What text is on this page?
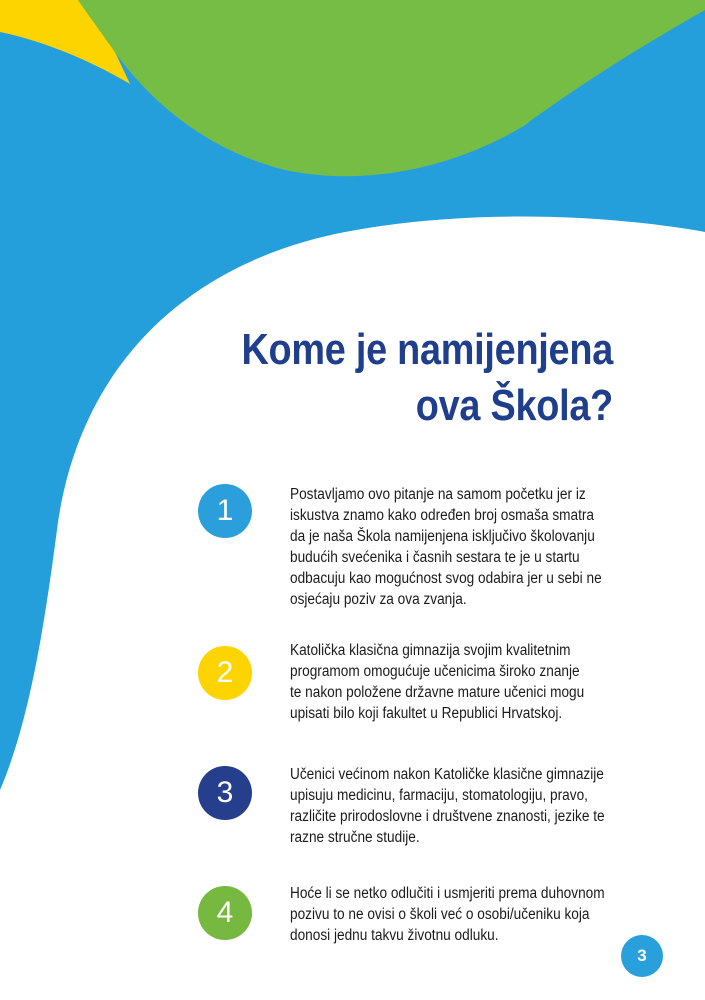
Kome je namijenjena
ova Škola?
1	Postavljamo ovo pitanje na samom početku jer iz
iskustva znamo kako određen broj osmaša smatra
da je naša Škola namijenjena isključivo školovanju
budućih svećenika i časnih sestara te je u startu
odbacuju kao mogućnost svog odabira jer u sebi ne
osjećaju poziv za ova zvanja.
2
Katolička klasična gimnazija svojim kvalitetnim
programom omogućuje učenicima široko znanje
te nakon položene državne mature učenici mogu
upisati bilo koji fakultet u Republici Hrvatskoj.
3
Učenici većinom nakon Katoličke klasične gimnazije
upisuju medicinu, farmaciju, stomatologiju, pravo,
različite prirodoslovne i društvene znanosti, jezike te
razne stručne studije.
4
Hoće li se netko odlučiti i usmjeriti prema duhovnom
pozivu to ne ovisi o školi već o osobi/učeniku koja
donosi jednu takvu životnu odluku.
3
